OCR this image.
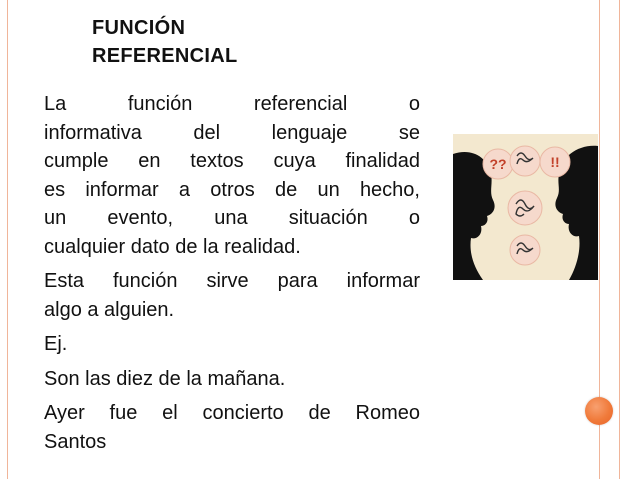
FUNCIÓN
REFERENCIAL
La función referencial o
informativa del lenguaje se
cumple en textos cuya finalidad
es informar a otros de un hecho,
un evento, una situación o
cualquier dato de la realidad.
Esta función sirve para informar
algo a alguien.
Ej.
Son las diez de la mañana.
Ayer fue el concierto de Romeo
Santos
??	!!
